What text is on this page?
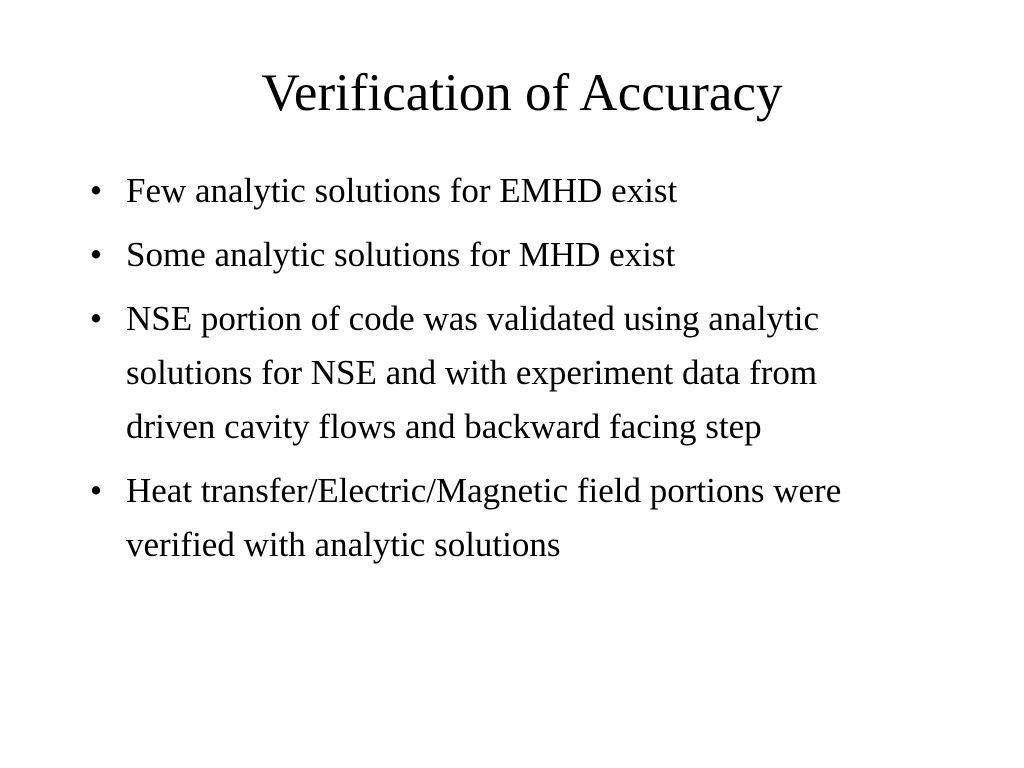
Verification of Accuracy
• Few analytic solutions for EMHD exist
• Some analytic solutions for MHD exist
• NSE portion of code was validated using analytic solutions for NSE and with experiment data from driven cavity flows and backward facing step
• Heat transfer/Electric/Magnetic field portions were verified with analytic solutions
